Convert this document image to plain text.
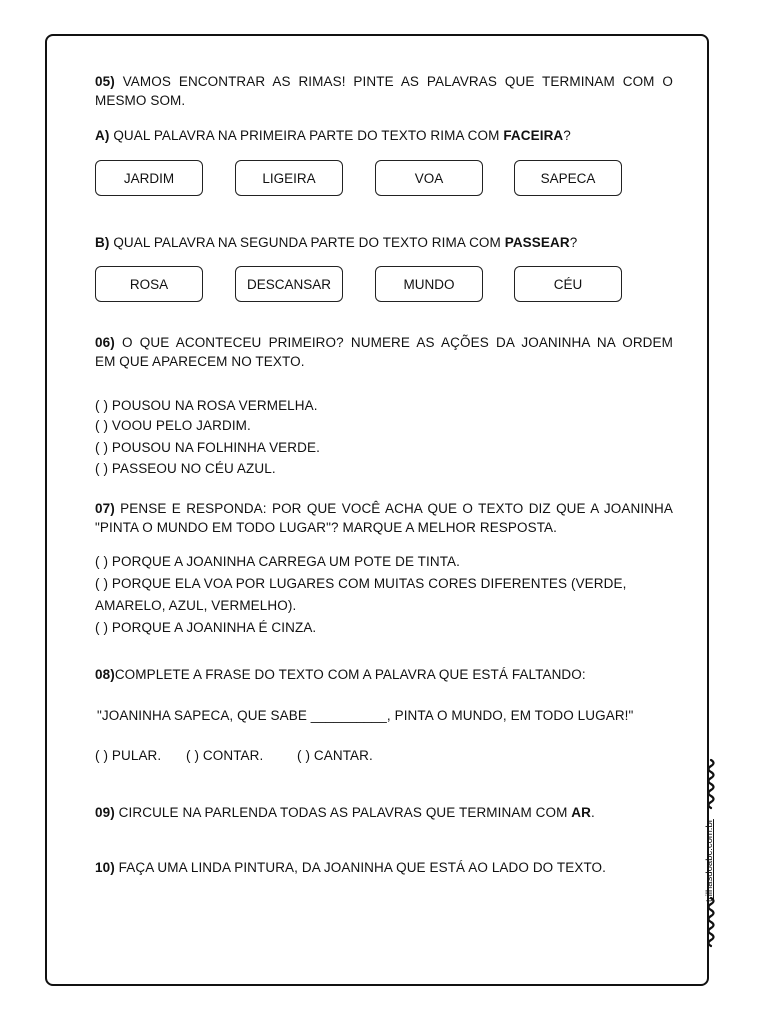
05) VAMOS ENCONTRAR AS RIMAS! PINTE AS PALAVRAS QUE TERMINAM COM O
MESMO SOM.
A) QUAL PALAVRA NA PRIMEIRA PARTE DO TEXTO RIMA COM FACEIRA?
JARDIM	LIGEIRA	VOA	SAPECA
B) QUAL PALAVRA NA SEGUNDA PARTE DO TEXTO RIMA COM PASSEAR?
ROSA	DESCANSAR	MUNDO	CÉU
06) O QUE ACONTECEU PRIMEIRO? NUMERE AS AÇÕES DA JOANINHA NA ORDEM
EM QUE APARECEM NO TEXTO.
( ) POUSOU NA ROSA VERMELHA.
( ) VOOU PELO JARDIM.
( ) POUSOU NA FOLHINHA VERDE.
( ) PASSEOU NO CÉU AZUL.
07) PENSE E RESPONDA: POR QUE VOCÊ ACHA QUE O TEXTO DIZ QUE A JOANINHA
"PINTA O MUNDO EM TODO LUGAR"? MARQUE A MELHOR RESPOSTA.
( ) PORQUE A JOANINHA CARREGA UM POTE DE TINTA.
( ) PORQUE ELA VOA POR LUGARES COM MUITAS CORES DIFERENTES (VERDE,
AMARELO, AZUL, VERMELHO).
( ) PORQUE A JOANINHA É CINZA.
08)COMPLETE A FRASE DO TEXTO COM A PALAVRA QUE ESTÁ FALTANDO:
"JOANINHA SAPECA, QUE SABE __________, PINTA O MUNDO, EM TODO LUGAR!"
( ) PULAR. ( ) CONTAR. ( ) CANTAR.
09) CIRCULE NA PARLENDA TODAS AS PALAVRAS QUE TERMINAM COM AR.
10) FAÇA UMA LINDA PINTURA, DA JOANINHA QUE ESTÁ AO LADO DO TEXTO.	trilhasdoabc.com.br
